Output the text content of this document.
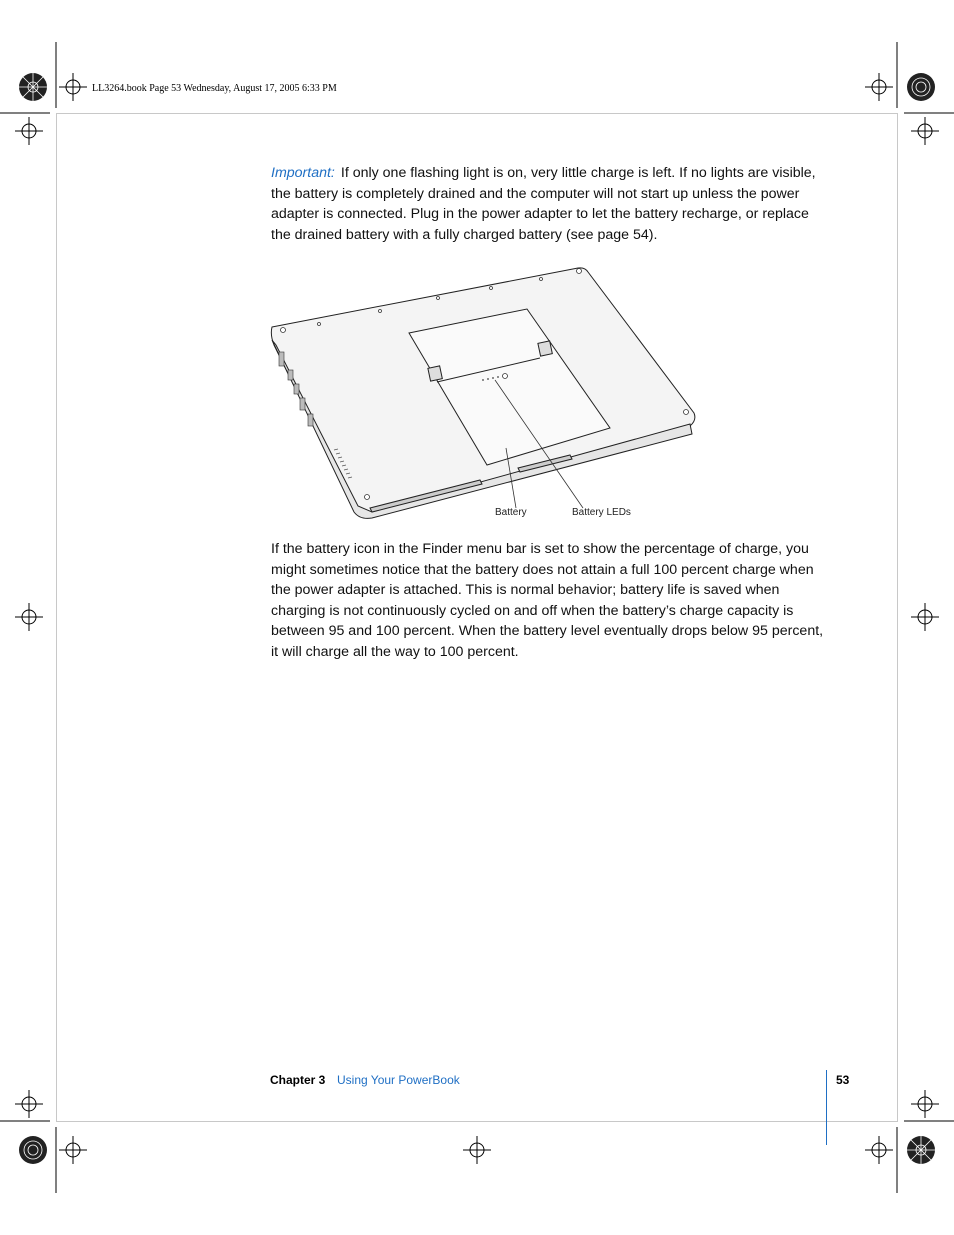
LL3264.book Page 53 Wednesday, August 17, 2005 6:33 PM
Important: If only one flashing light is on, very little charge is left. If no lights are visible, the battery is completely drained and the computer will not start up unless the power adapter is connected. Plug in the power adapter to let the battery recharge, or replace the drained battery with a fully charged battery (see page 54).
Battery	Battery LEDs
If the battery icon in the Finder menu bar is set to show the percentage of charge, you might sometimes notice that the battery does not attain a full 100 percent charge when the power adapter is attached. This is normal behavior; battery life is saved when charging is not continuously cycled on and off when the battery’s charge capacity is between 95 and 100 percent. When the battery level eventually drops below 95 percent, it will charge all the way to 100 percent.
Chapter 3 Using Your PowerBook	53
